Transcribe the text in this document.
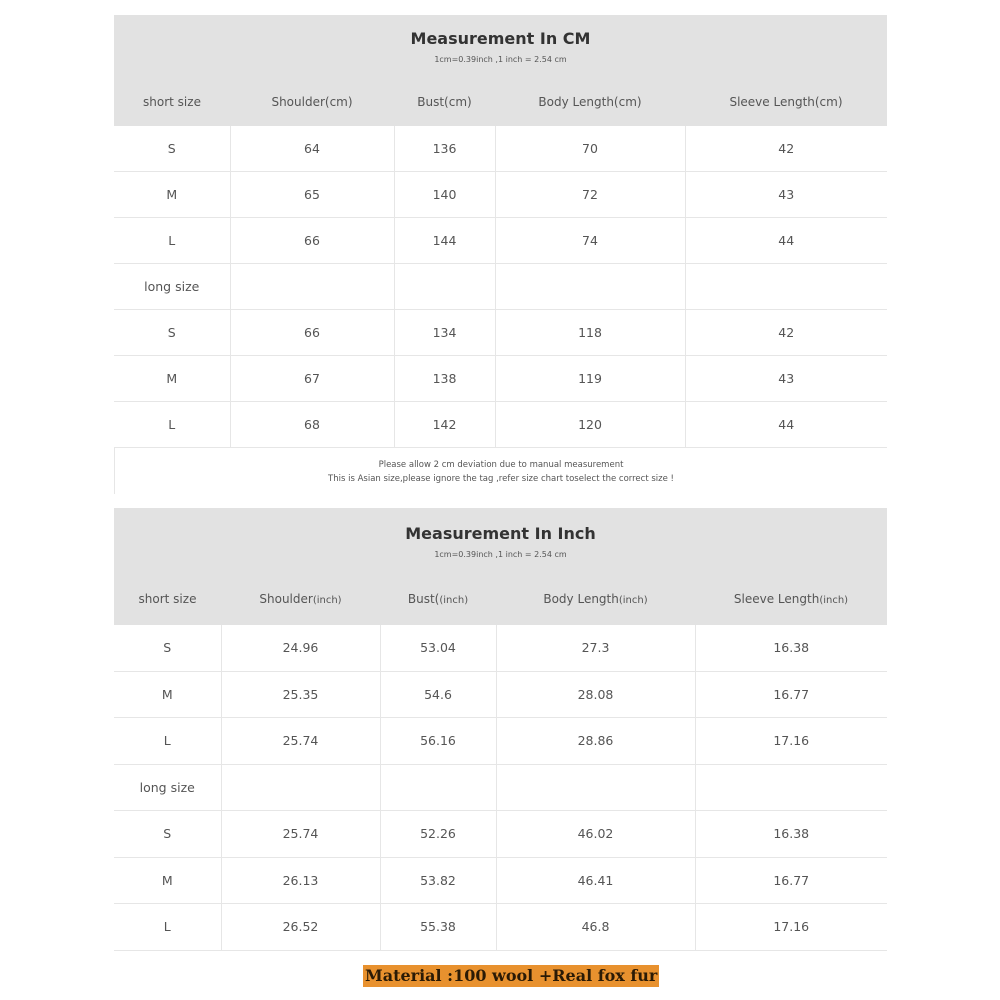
Measurement In CM
1cm=0.39inch ,1 inch = 2.54 cm
short size	Shoulder(cm)	Bust(cm)	Body Length(cm)	Sleeve Length(cm)
S	64	136	70	42
M	65	140	72	43
L	66	144	74	44
long size				
S	66	134	118	42
M	67	138	119	43
L	68	142	120	44
Please allow 2 cm deviation due to manual measurement
This is Asian size,please ignore the tag ,refer size chart toselect the correct size !
Measurement In Inch
1cm=0.39inch ,1 inch = 2.54 cm
short size	Shoulder(inch)	Bust((inch)	Body Length(inch)	Sleeve Length(inch)
S	24.96	53.04	27.3	16.38
M	25.35	54.6	28.08	16.77
L	25.74	56.16	28.86	17.16
long size				
S	25.74	52.26	46.02	16.38
M	26.13	53.82	46.41	16.77
L	26.52	55.38	46.8	17.16
Material :100 wool +Real fox fur
